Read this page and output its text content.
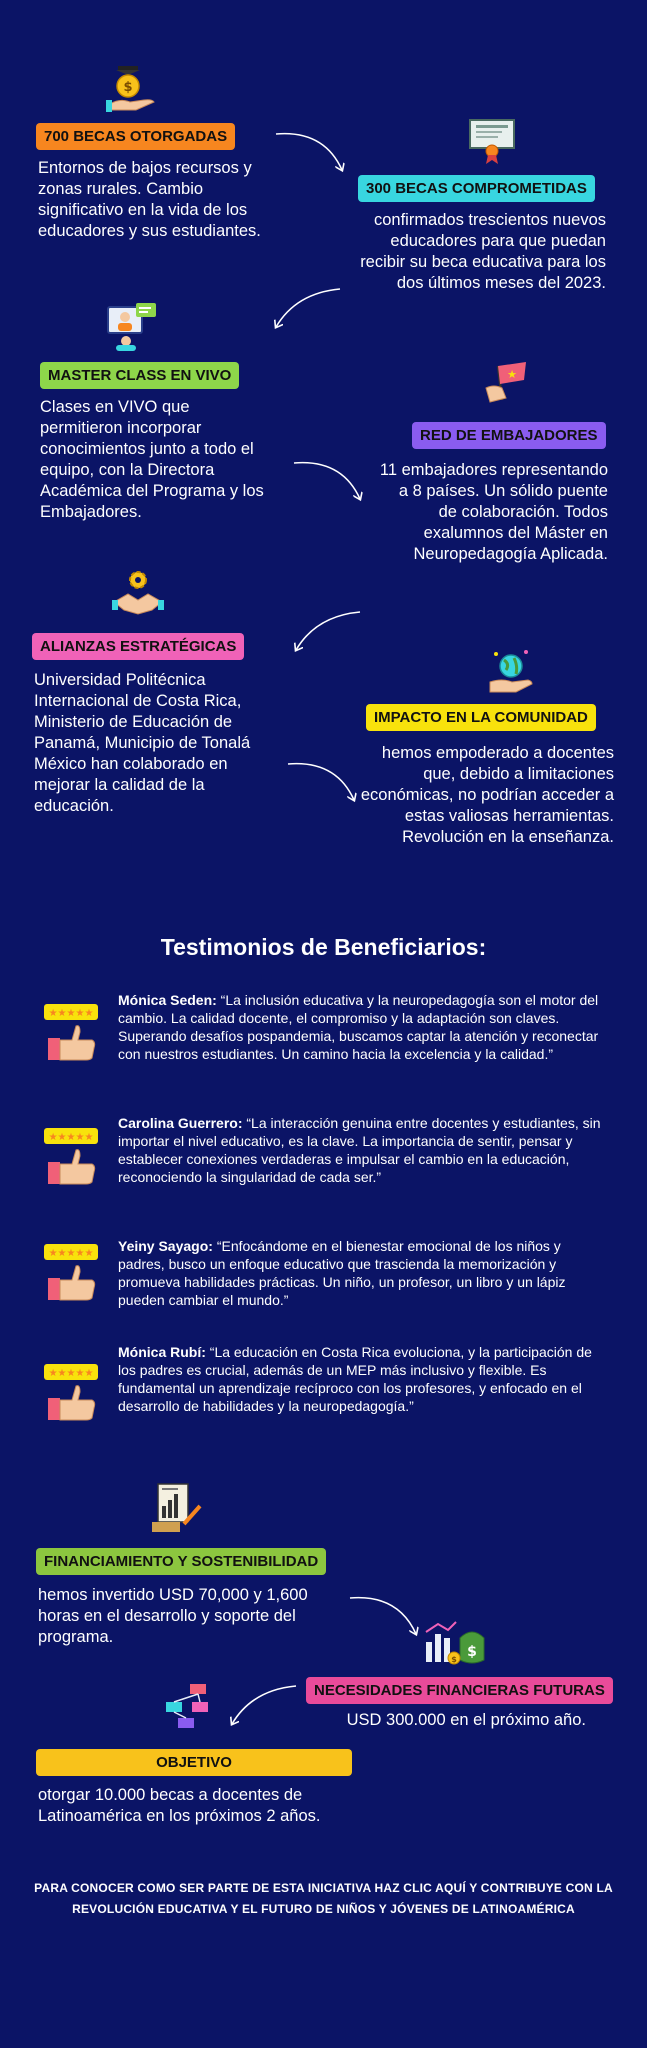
$
700 BECAS OTORGADAS
Entornos de bajos recursos y zonas rurales. Cambio significativo en la vida de los educadores y sus estudiantes.
300 BECAS COMPROMETIDAS
confirmados trescientos nuevos educadores para que puedan recibir su beca educativa para los dos últimos meses del 2023.
MASTER CLASS EN VIVO
Clases en VIVO que permitieron incorporar conocimientos junto a todo el equipo, con la Directora Académica del Programa y los Embajadores.
★
RED DE EMBAJADORES
11 embajadores representando a 8 países. Un sólido puente de colaboración. Todos exalumnos del Máster en Neuropedagogía Aplicada.
ALIANZAS ESTRATÉGICAS
Universidad Politécnica Internacional de Costa Rica, Ministerio de Educación de Panamá, Municipio de Tonalá México han colaborado en mejorar la calidad de la educación.
IMPACTO EN LA COMUNIDAD
hemos empoderado a docentes que, debido a limitaciones económicas, no podrían acceder a estas valiosas herramientas. Revolución en la enseñanza.
Testimonios de Beneficiarios:
★★★★★
★★★★★
★★★★★
★★★★★
Mónica Seden: “La inclusión educativa y la neuropedagogía son el motor del cambio. La calidad docente, el compromiso y la adaptación son claves. Superando desafíos pospandemia, buscamos captar la atención y reconectar con nuestros estudiantes. Un camino hacia la excelencia y la calidad.”
Carolina Guerrero: “La interacción genuina entre docentes y estudiantes, sin importar el nivel educativo, es la clave. La importancia de sentir, pensar y establecer conexiones verdaderas e impulsar el cambio en la educación, reconociendo la singularidad de cada ser.”
Yeiny Sayago: “Enfocándome en el bienestar emocional de los niños y padres, busco un enfoque educativo que trascienda la memorización y promueva habilidades prácticas. Un niño, un profesor, un libro y un lápiz pueden cambiar el mundo.”
Mónica Rubí: “La educación en Costa Rica evoluciona, y la participación de los padres es crucial, además de un MEP más inclusivo y flexible. Es fundamental un aprendizaje recíproco con los profesores, y enfocado en el desarrollo de habilidades y la neuropedagogía.”
FINANCIAMIENTO Y SOSTENIBILIDAD
hemos invertido USD 70,000 y 1,600 horas en el desarrollo y soporte del programa.
$
$
NECESIDADES FINANCIERAS FUTURAS
USD 300.000 en el próximo año.
OBJETIVO
otorgar 10.000 becas a docentes de Latinoamérica en los próximos 2 años.
PARA CONOCER COMO SER PARTE DE ESTA INICIATIVA HAZ CLIC AQUÍ Y CONTRIBUYE CON LA
REVOLUCIÓN EDUCATIVA Y EL FUTURO DE NIÑOS Y JÓVENES DE LATINOAMÉRICA
